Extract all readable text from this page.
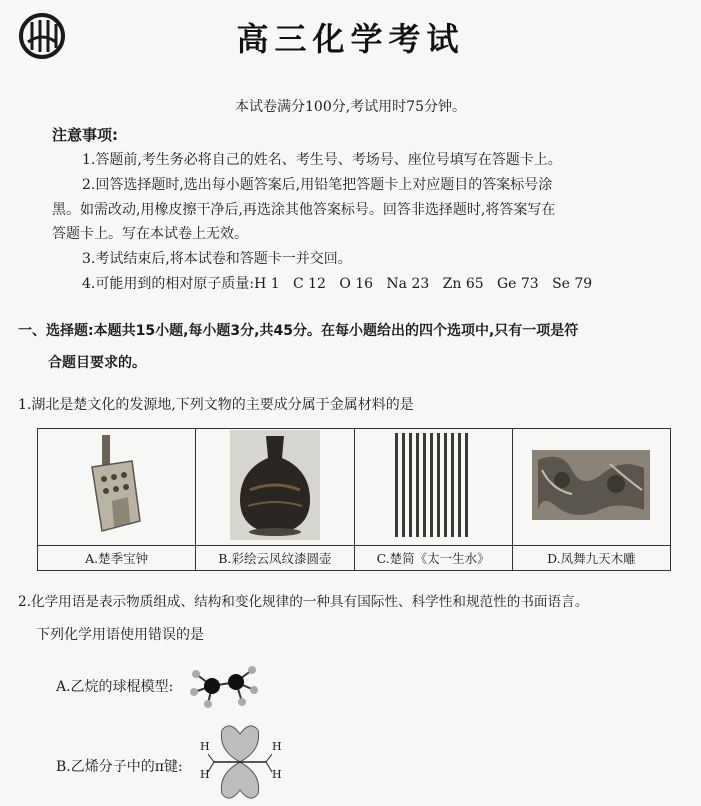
高三化学考试
本试卷满分100分,考试用时75分钟。
注意事项:
1.答题前,考生务必将自己的姓名、考生号、考场号、座位号填写在答题卡上。
2.回答选择题时,选出每小题答案后,用铅笔把答题卡上对应题目的答案标号涂
黑。如需改动,用橡皮擦干净后,再选涂其他答案标号。回答非选择题时,将答案写在
答题卡上。写在本试卷上无效。
3.考试结束后,将本试卷和答题卡一并交回。
4.可能用到的相对原子质量:H 1   C 12   O 16   Na 23   Zn 65   Ge 73   Se 79
一、选择题:本题共15小题,每小题3分,共45分。在每小题给出的四个选项中,只有一项是符
合题目要求的。
1.湖北是楚文化的发源地,下列文物的主要成分属于金属材料的是

A.楚季宝钟	B.彩绘云凤纹漆圆壶	C.楚简《太一生水》	D.凤舞九天木雕
2.化学用语是表示物质组成、结构和变化规律的一种具有国际性、科学性和规范性的书面语言。
下列化学用语使用错误的是
A.乙烷的球棍模型:
B.乙烯分子中的π键:
H
H
H
H
